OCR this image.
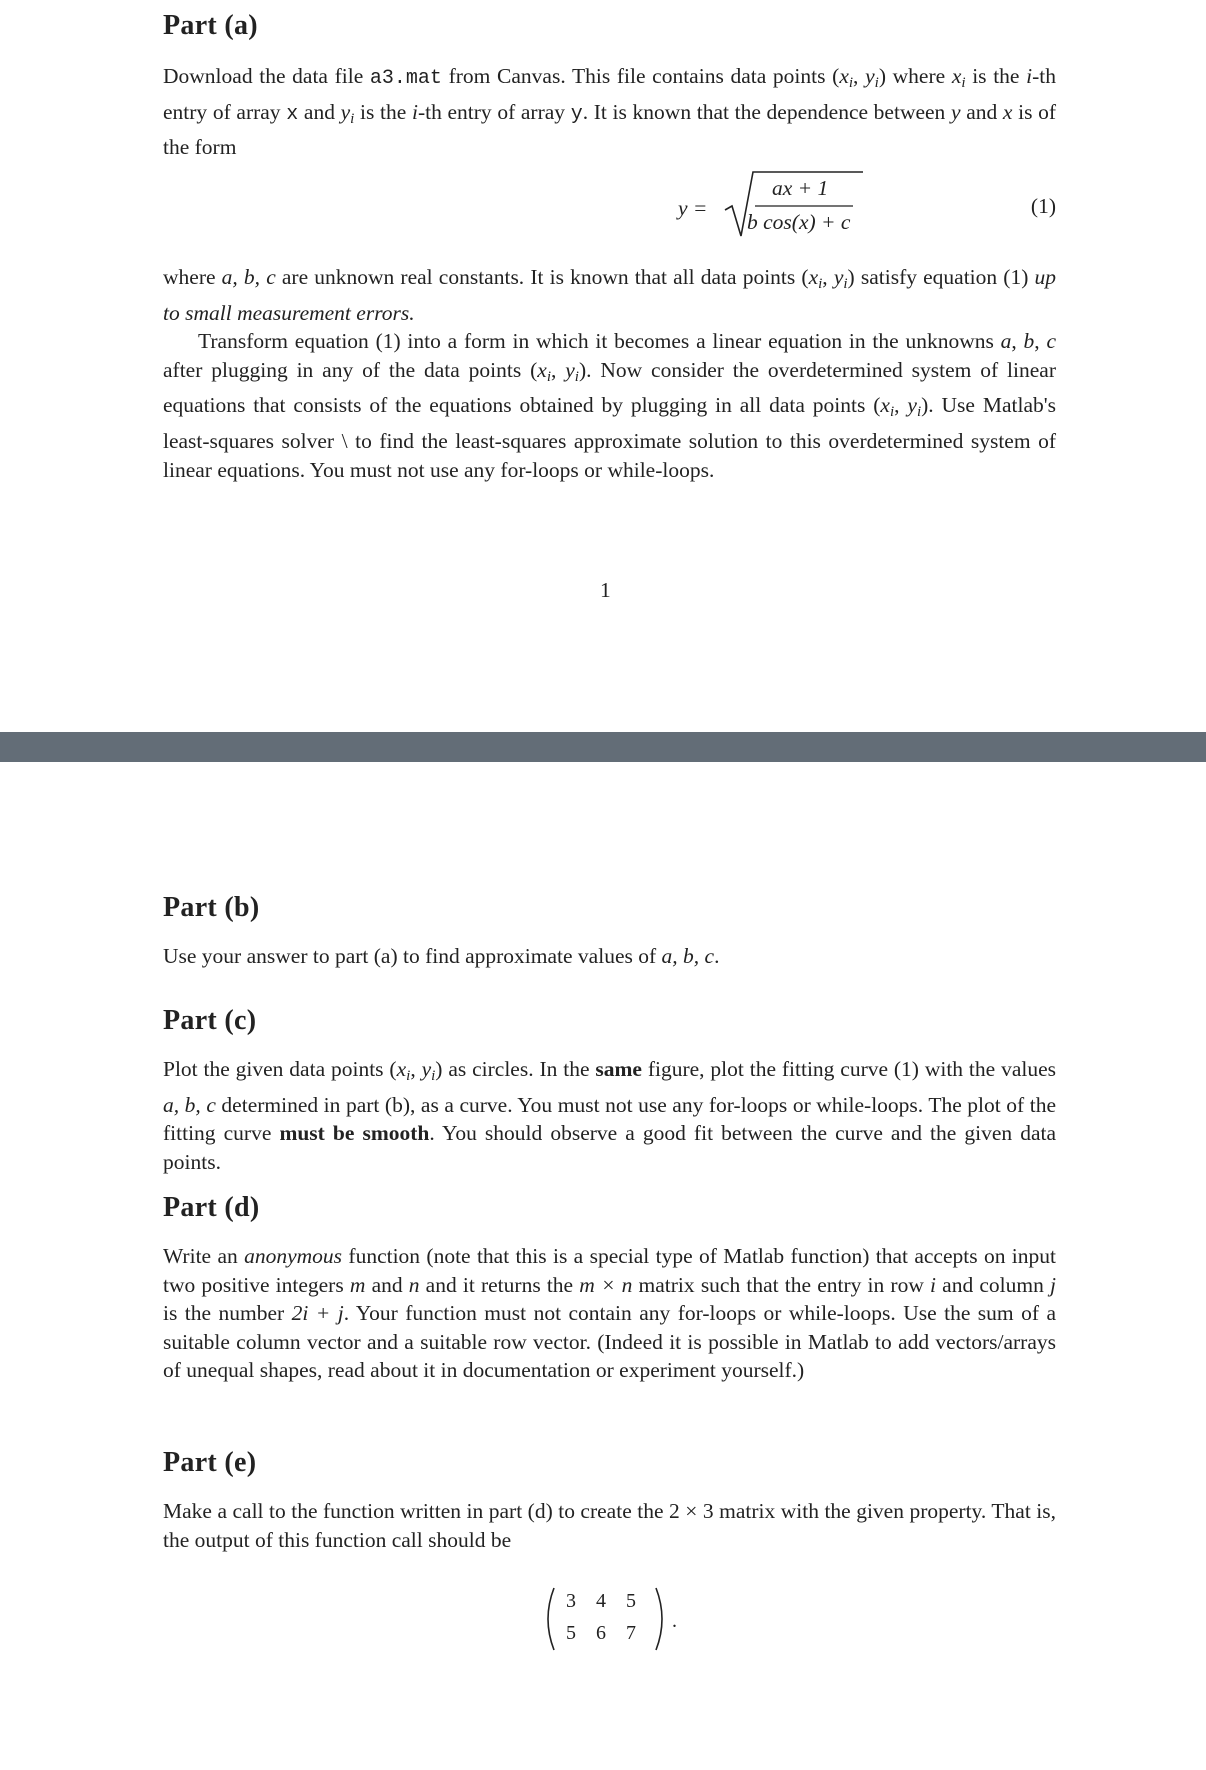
Part (a)

Download the data file a3.mat from Canvas. This file contains data points ($x_i$, $y_i$) where $x_i$ is the i-th entry of array x and $y_i$ is the i-th entry of array y. It is known that the dependence between y and x is of the form

y =
ax + 1
b cos(x) + c
(1)

where a, b, c are unknown real constants. It is known that all data points ($x_i$, $y_i$) satisfy equation (1) up to small measurement errors.

Transform equation (1) into a form in which it becomes a linear equation in the unknowns a, b, c after plugging in any of the data points ($x_i$, $y_i$). Now consider the overdetermined system of linear equations that consists of the equations obtained by plugging in all data points ($x_i$, $y_i$). Use Matlab's least-squares solver \ to find the least-squares approximate solution to this overdetermined system of linear equations. You must not use any for-loops or while-loops.

1
Part (b)

Use your answer to part (a) to find approximate values of a, b, c.

Part (c)

Plot the given data points ($x_i$, $y_i$) as circles. In the same figure, plot the fitting curve (1) with the values a, b, c determined in part (b), as a curve. You must not use any for-loops or while-loops. The plot of the fitting curve must be smooth. You should observe a good fit between the curve and the given data points.

Part (d)

Write an anonymous function (note that this is a special type of Matlab function) that accepts on input two positive integers m and n and it returns the m × n matrix such that the entry in row i and column j is the number 2i + j. Your function must not contain any for-loops or while-loops. Use the sum of a suitable column vector and a suitable row vector. (Indeed it is possible in Matlab to add vectors/arrays of unequal shapes, read about it in documentation or experiment yourself.)

Part (e)

Make a call to the function written in part (d) to create the 2 × 3 matrix with the given property. That is, the output of this function call should be

3 4 5
5 6 7
.
